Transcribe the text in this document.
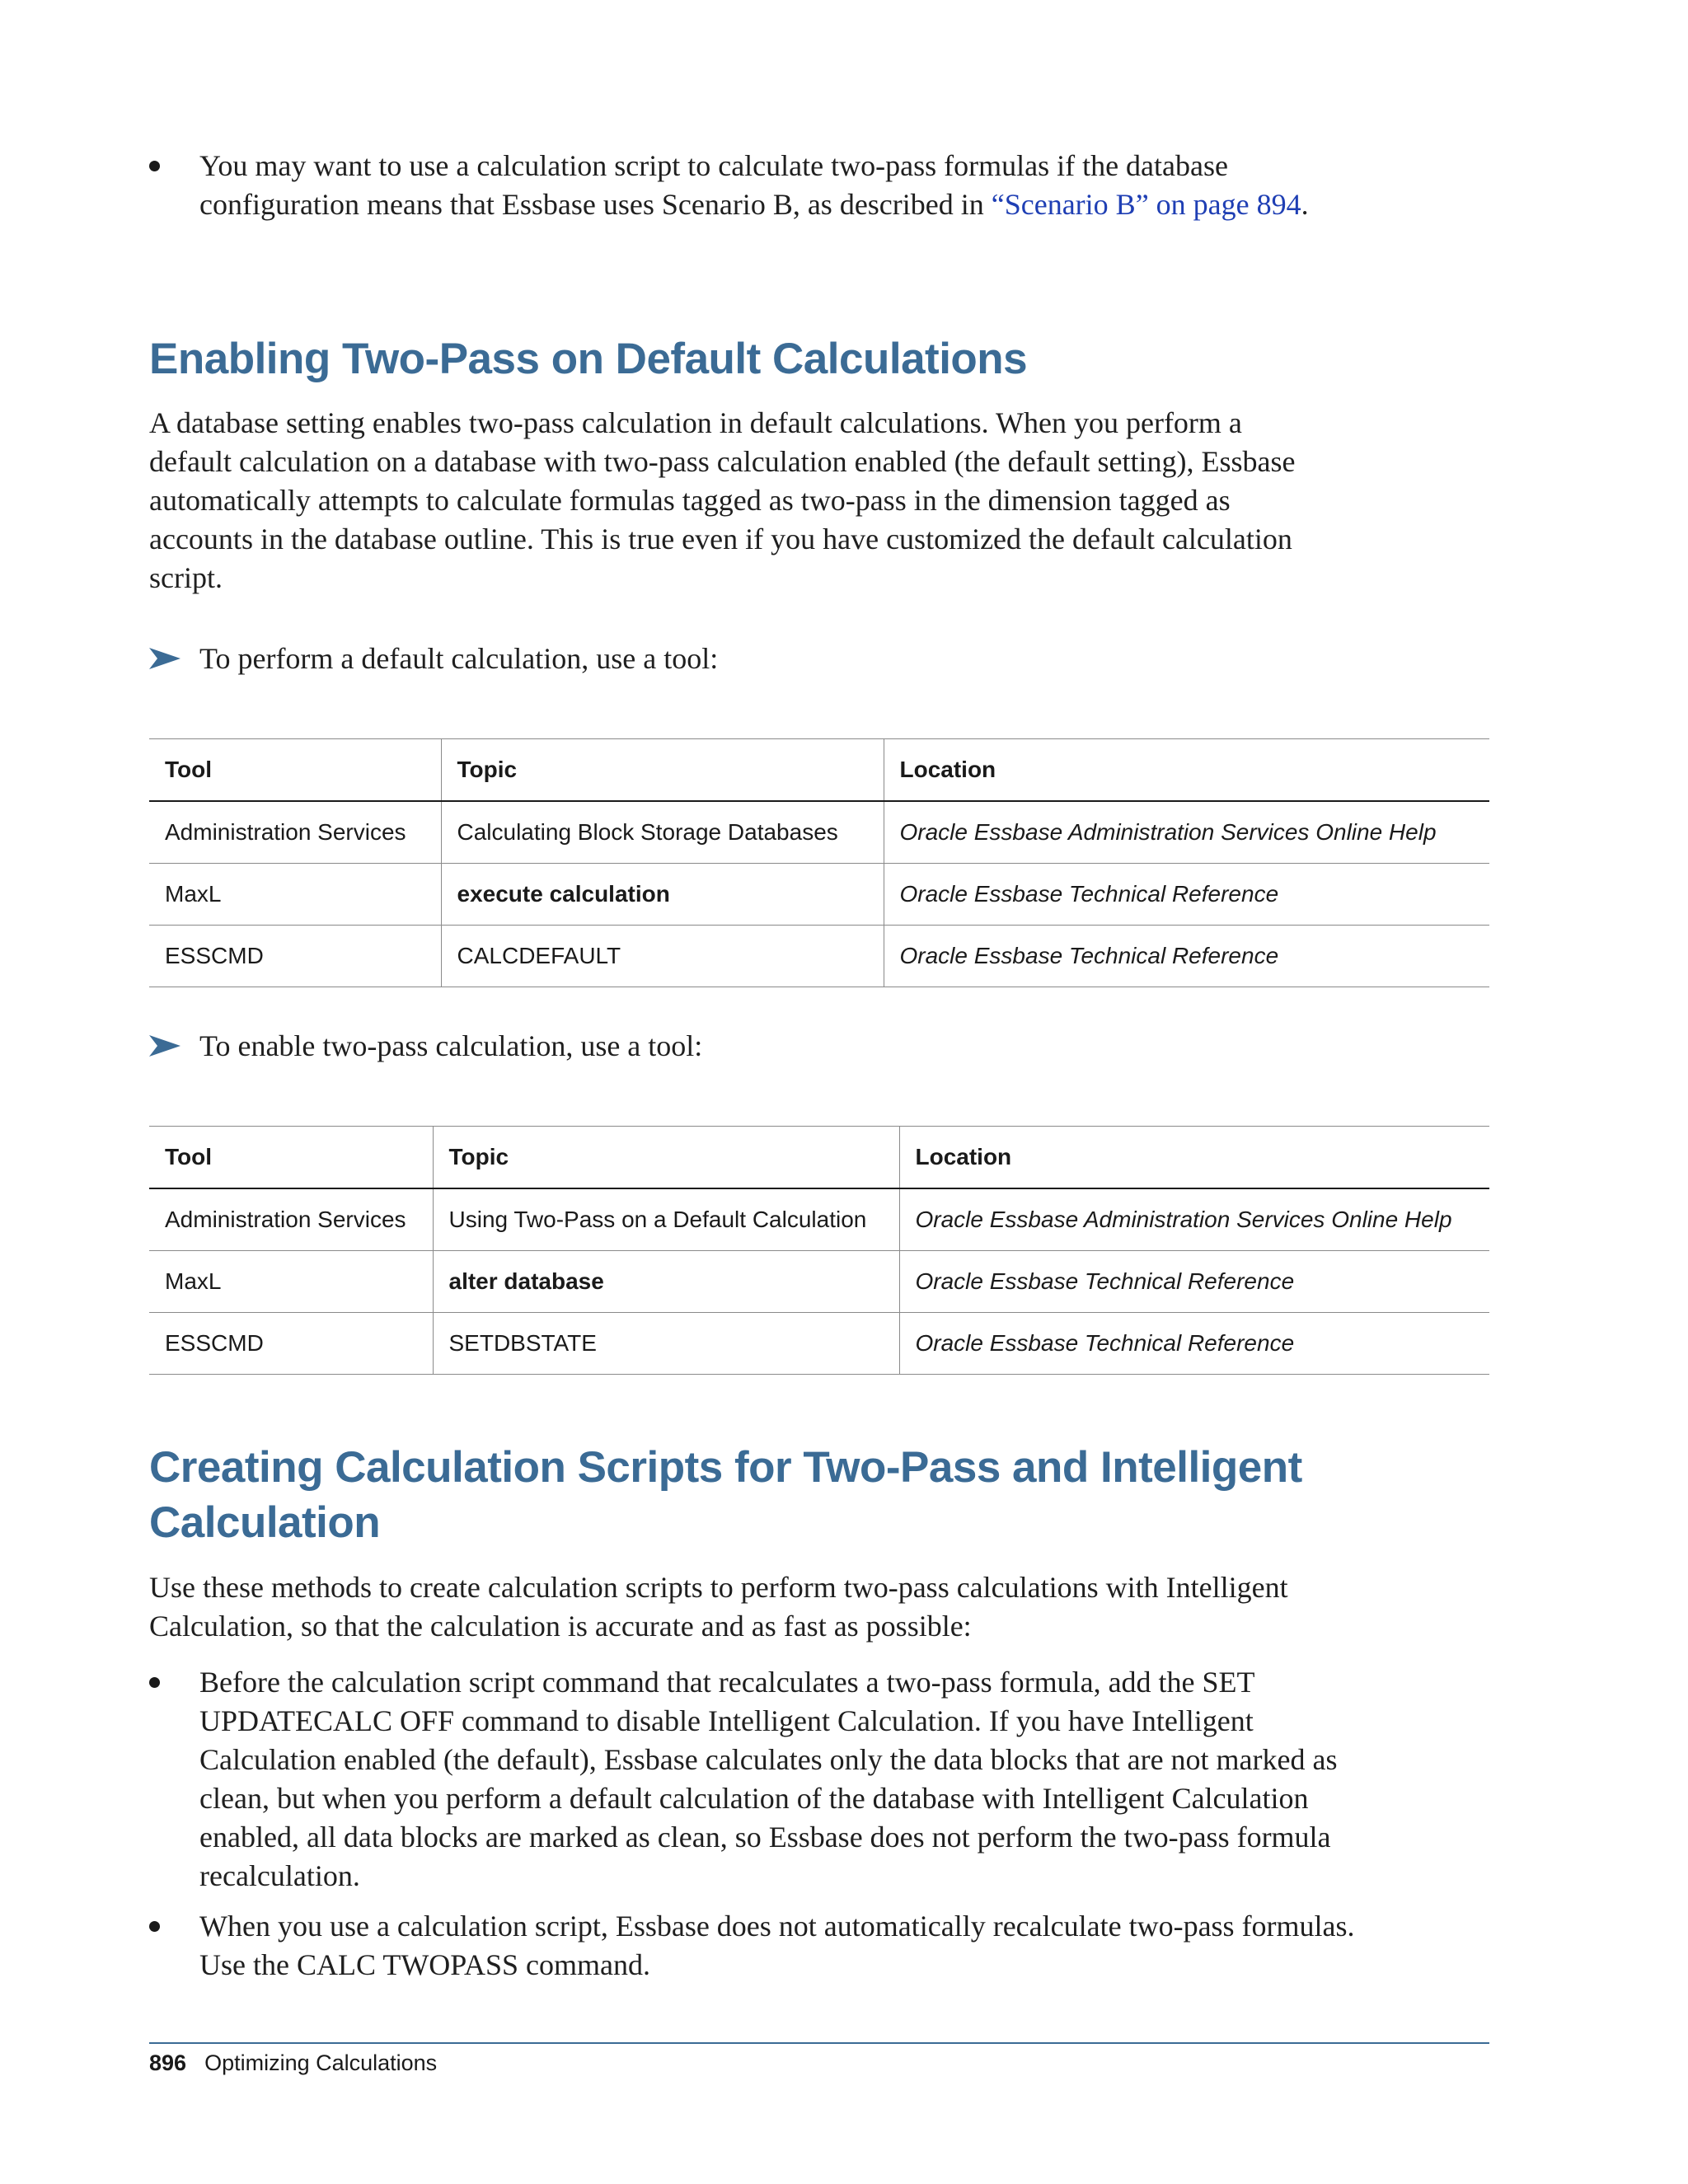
You may want to use a calculation script to calculate two-pass formulas if the database configuration means that Essbase uses Scenario B, as described in “Scenario B” on page 894.
Enabling Two-Pass on Default Calculations

A database setting enables two-pass calculation in default calculations. When you perform a default calculation on a database with two-pass calculation enabled (the default setting), Essbase automatically attempts to calculate formulas tagged as two-pass in the dimension tagged as accounts in the database outline. This is true even if you have customized the default calculation script.

To perform a default calculation, use a tool:
Tool	Topic	Location
Administration Services	Calculating Block Storage Databases	Oracle Essbase Administration Services Online Help
MaxL	execute calculation	Oracle Essbase Technical Reference
ESSCMD	CALCDEFAULT	Oracle Essbase Technical Reference
To enable two-pass calculation, use a tool:
Tool	Topic	Location
Administration Services	Using Two-Pass on a Default Calculation	Oracle Essbase Administration Services Online Help
MaxL	alter database	Oracle Essbase Technical Reference
ESSCMD	SETDBSTATE	Oracle Essbase Technical Reference
Creating Calculation Scripts for Two-Pass and Intelligent
Calculation

Use these methods to create calculation scripts to perform two-pass calculations with Intelligent Calculation, so that the calculation is accurate and as fast as possible:

Before the calculation script command that recalculates a two-pass formula, add the SET UPDATECALC OFF command to disable Intelligent Calculation. If you have Intelligent Calculation enabled (the default), Essbase calculates only the data blocks that are not marked as clean, but when you perform a default calculation of the database with Intelligent Calculation enabled, all data blocks are marked as clean, so Essbase does not perform the two-pass formula recalculation.
When you use a calculation script, Essbase does not automatically recalculate two-pass formulas. Use the CALC TWOPASS command.
896 Optimizing Calculations
